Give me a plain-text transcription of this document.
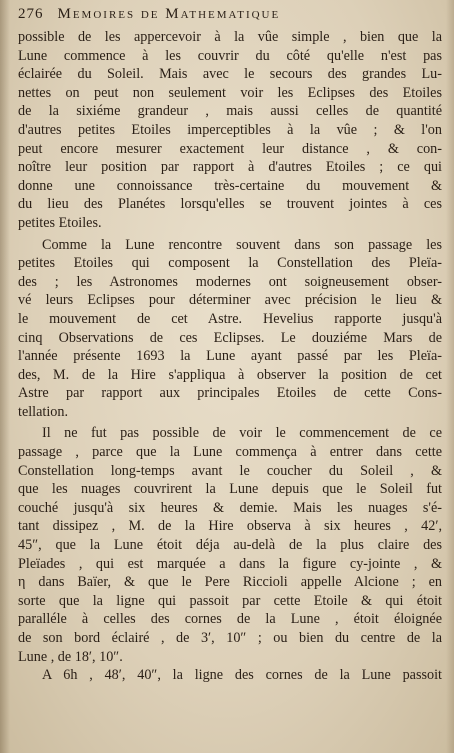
276 Memoires de Mathematique
possible de les appercevoir à la vûe simple , bien que la
Lune commence à les couvrir du côté qu'elle n'est pas
éclairée du Soleil. Mais avec le secours des grandes Lu-
nettes on peut non seulement voir les Eclipses des Etoiles
de la sixiéme grandeur , mais aussi celles de quantité
d'autres petites Etoiles imperceptibles à la vûe ; & l'on
peut encore mesurer exactement leur distance , & con-
noître leur position par rapport à d'autres Etoiles ; ce qui
donne une connoissance très-certaine du mouvement &
du lieu des Planétes lorsqu'elles se trouvent jointes à ces
petites Etoiles.
Comme la Lune rencontre souvent dans son passage les
petites Etoiles qui composent la Constellation des Pleïa-
des ; les Astronomes modernes ont soigneusement obser-
vé leurs Eclipses pour déterminer avec précision le lieu &
le mouvement de cet Astre. Hevelius rapporte jusqu'à
cinq Observations de ces Eclipses. Le douziéme Mars de
l'année présente 1693 la Lune ayant passé par les Pleïa-
des, M. de la Hire s'appliqua à observer la position de cet
Astre par rapport aux principales Etoiles de cette Cons-
tellation.
Il ne fut pas possible de voir le commencement de ce
passage , parce que la Lune commença à entrer dans cette
Constellation long-temps avant le coucher du Soleil , &
que les nuages couvrirent la Lune depuis que le Soleil fut
couché jusqu'à six heures & demie. Mais les nuages s'é-
tant dissipez , M. de la Hire observa à six heures , 42′,
45″, que la Lune étoit déja au-delà de la plus claire des
Pleïades , qui est marquée a dans la figure cy-jointe , &
η dans Baïer, & que le Pere Riccioli appelle Alcione ; en
sorte que la ligne qui passoit par cette Etoile & qui étoit
paralléle à celles des cornes de la Lune , étoit éloignée
de son bord éclairé , de 3′, 10″ ; ou bien du centre de la
Lune , de 18′, 10″.
A 6h , 48′, 40″, la ligne des cornes de la Lune passoit
